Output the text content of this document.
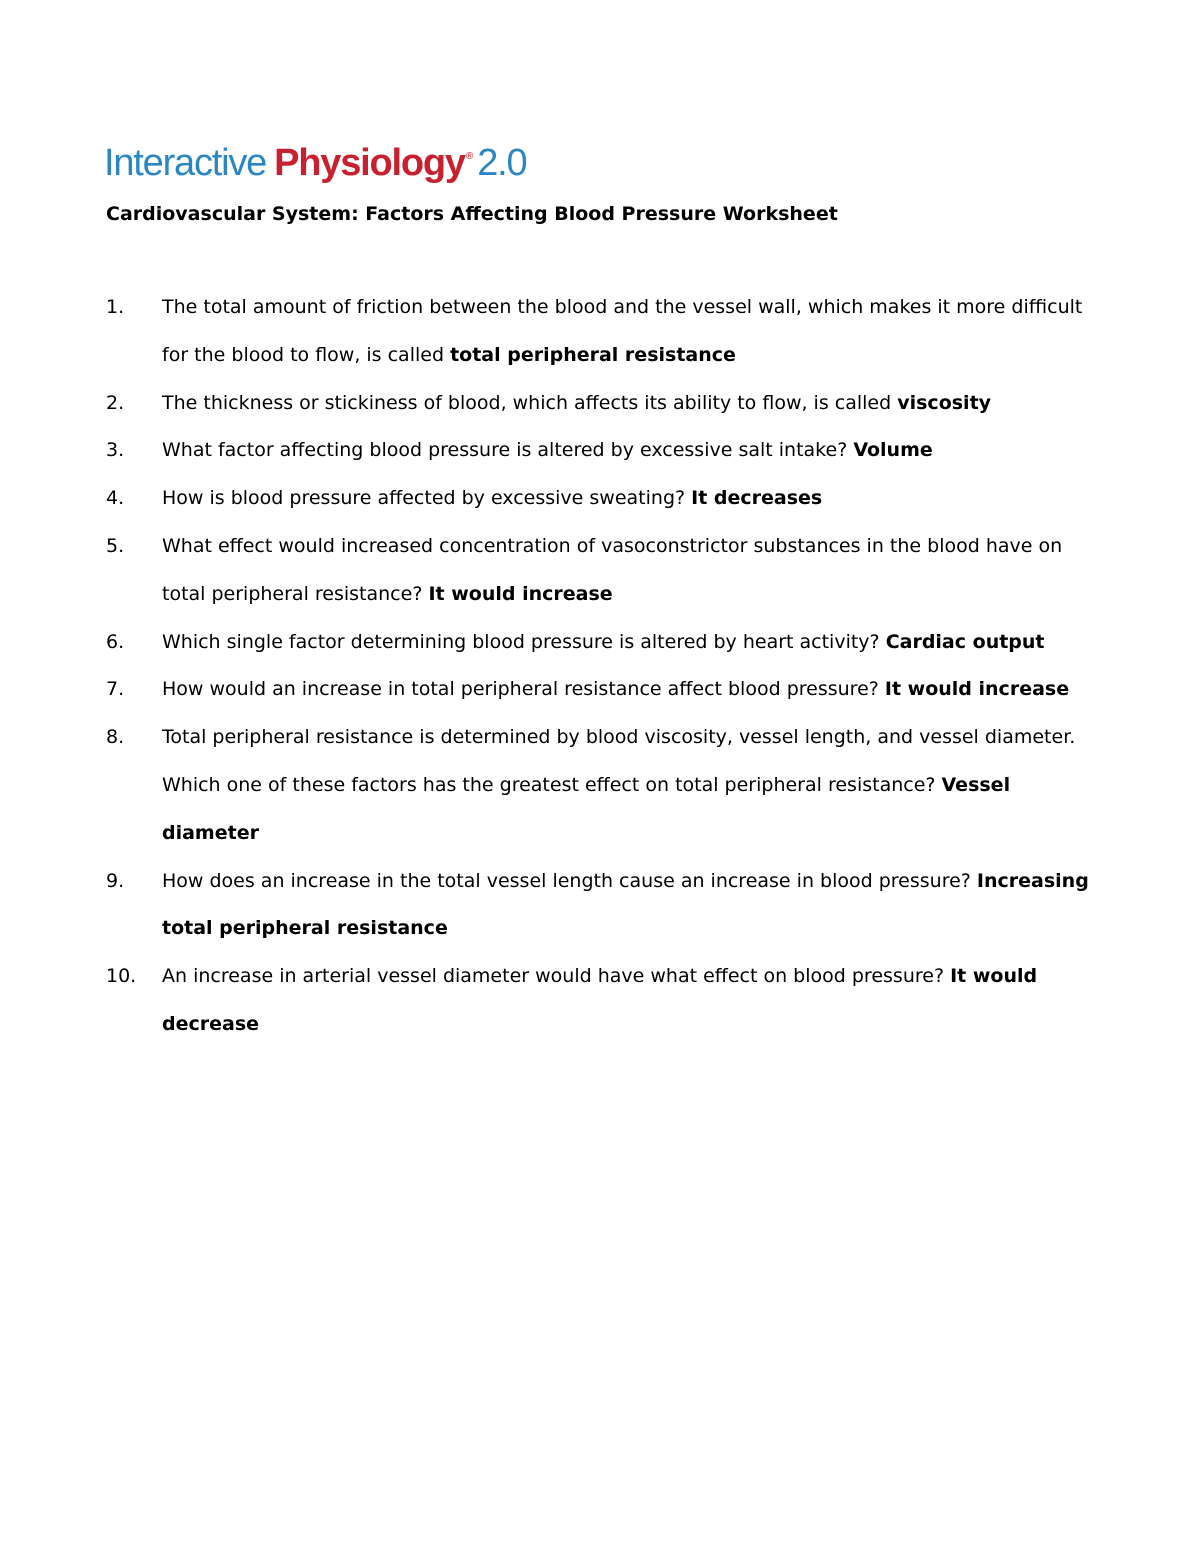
Interactive Physiology® 2.0
Cardiovascular System: Factors Affecting Blood Pressure Worksheet
1.	The total amount of friction between the blood and the vessel wall, which makes it more difficult for the blood to flow, is called total peripheral resistance
2.	The thickness or stickiness of blood, which affects its ability to flow, is called viscosity
3.	What factor affecting blood pressure is altered by excessive salt intake? Volume
4.	How is blood pressure affected by excessive sweating? It decreases
5.	What effect would increased concentration of vasoconstrictor substances in the blood have on total peripheral resistance? It would increase
6.	Which single factor determining blood pressure is altered by heart activity? Cardiac output
7.	How would an increase in total peripheral resistance affect blood pressure? It would increase
8.	Total peripheral resistance is determined by blood viscosity, vessel length, and vessel diameter. Which one of these factors has the greatest effect on total peripheral resistance? Vessel diameter
9.	How does an increase in the total vessel length cause an increase in blood pressure? Increasing total peripheral resistance
10.	An increase in arterial vessel diameter would have what effect on blood pressure? It would decrease
